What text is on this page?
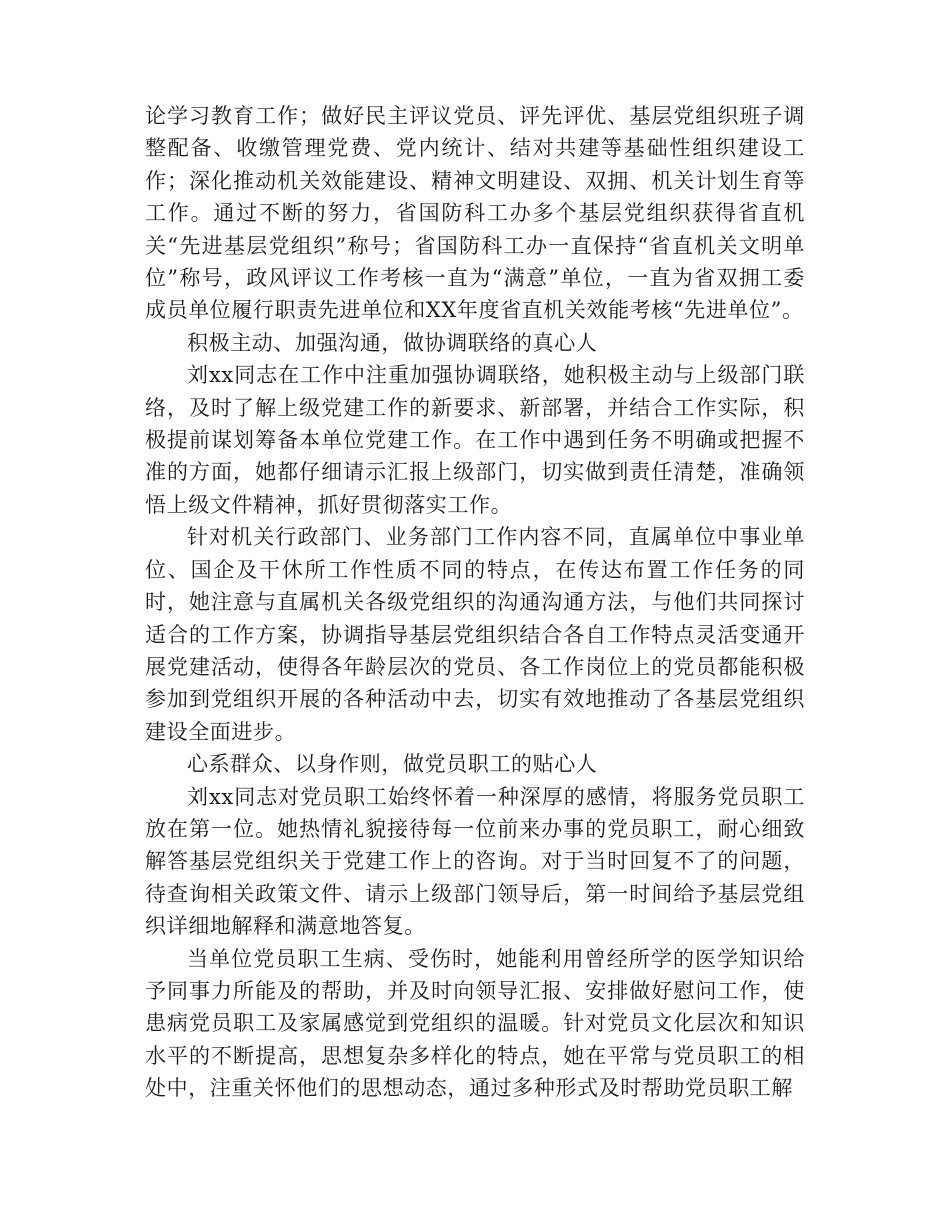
论学习教育工作；做好民主评议党员、评先评优、基层党组织班子调整配备、收缴管理党费、党内统计、结对共建等基础性组织建设工作；深化推动机关效能建设、精神文明建设、双拥、机关计划生育等工作。通过不断的努力，省国防科工办多个基层党组织获得省直机关“先进基层党组织”称号；省国防科工办一直保持“省直机关文明单位”称号，政风评议工作考核一直为“满意”单位，一直为省双拥工委成员单位履行职责先进单位和XX年度省直机关效能考核“先进单位”。

积极主动、加强沟通，做协调联络的真心人

刘xx同志在工作中注重加强协调联络，她积极主动与上级部门联络，及时了解上级党建工作的新要求、新部署，并结合工作实际，积极提前谋划筹备本单位党建工作。在工作中遇到任务不明确或把握不准的方面，她都仔细请示汇报上级部门，切实做到责任清楚，准确领悟上级文件精神，抓好贯彻落实工作。

针对机关行政部门、业务部门工作内容不同，直属单位中事业单位、国企及干休所工作性质不同的特点，在传达布置工作任务的同时，她注意与直属机关各级党组织的沟通沟通方法，与他们共同探讨适合的工作方案，协调指导基层党组织结合各自工作特点灵活变通开展党建活动，使得各年龄层次的党员、各工作岗位上的党员都能积极参加到党组织开展的各种活动中去，切实有效地推动了各基层党组织建设全面进步。

心系群众、以身作则，做党员职工的贴心人

刘xx同志对党员职工始终怀着一种深厚的感情，将服务党员职工放在第一位。她热情礼貌接待每一位前来办事的党员职工，耐心细致解答基层党组织关于党建工作上的咨询。对于当时回复不了的问题，待查询相关政策文件、请示上级部门领导后，第一时间给予基层党组织详细地解释和满意地答复。

当单位党员职工生病、受伤时，她能利用曾经所学的医学知识给予同事力所能及的帮助，并及时向领导汇报、安排做好慰问工作，使患病党员职工及家属感觉到党组织的温暖。针对党员文化层次和知识水平的不断提高，思想复杂多样化的特点，她在平常与党员职工的相处中，注重关怀他们的思想动态，通过多种形式及时帮助党员职工解
